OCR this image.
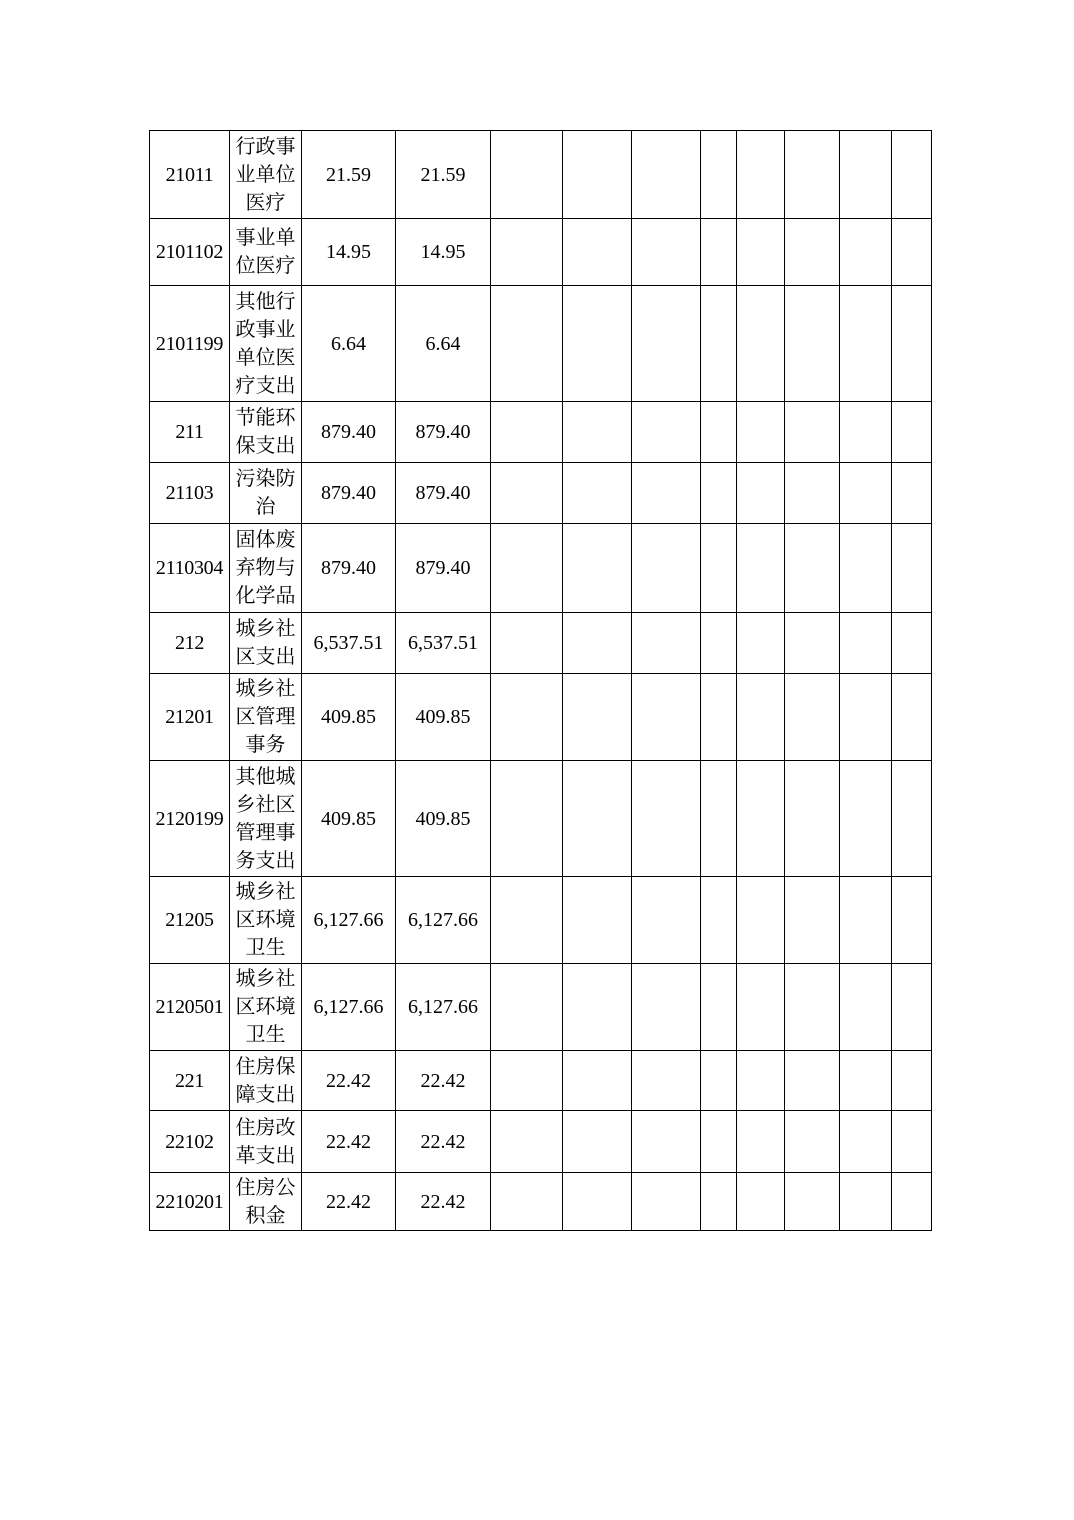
21011	行政事业单位医疗	21.59	21.59								
2101102	事业单位医疗	14.95	14.95								
2101199	其他行政事业单位医疗支出	6.64	6.64								
211	节能环保支出	879.40	879.40								
21103	污染防治	879.40	879.40								
2110304	固体废弃物与化学品	879.40	879.40								
212	城乡社区支出	6,537.51	6,537.51								
21201	城乡社区管理事务	409.85	409.85								
2120199	其他城乡社区管理事务支出	409.85	409.85								
21205	城乡社区环境卫生	6,127.66	6,127.66								
2120501	城乡社区环境卫生	6,127.66	6,127.66								
221	住房保障支出	22.42	22.42								
22102	住房改革支出	22.42	22.42								
2210201	住房公积金	22.42	22.42								
